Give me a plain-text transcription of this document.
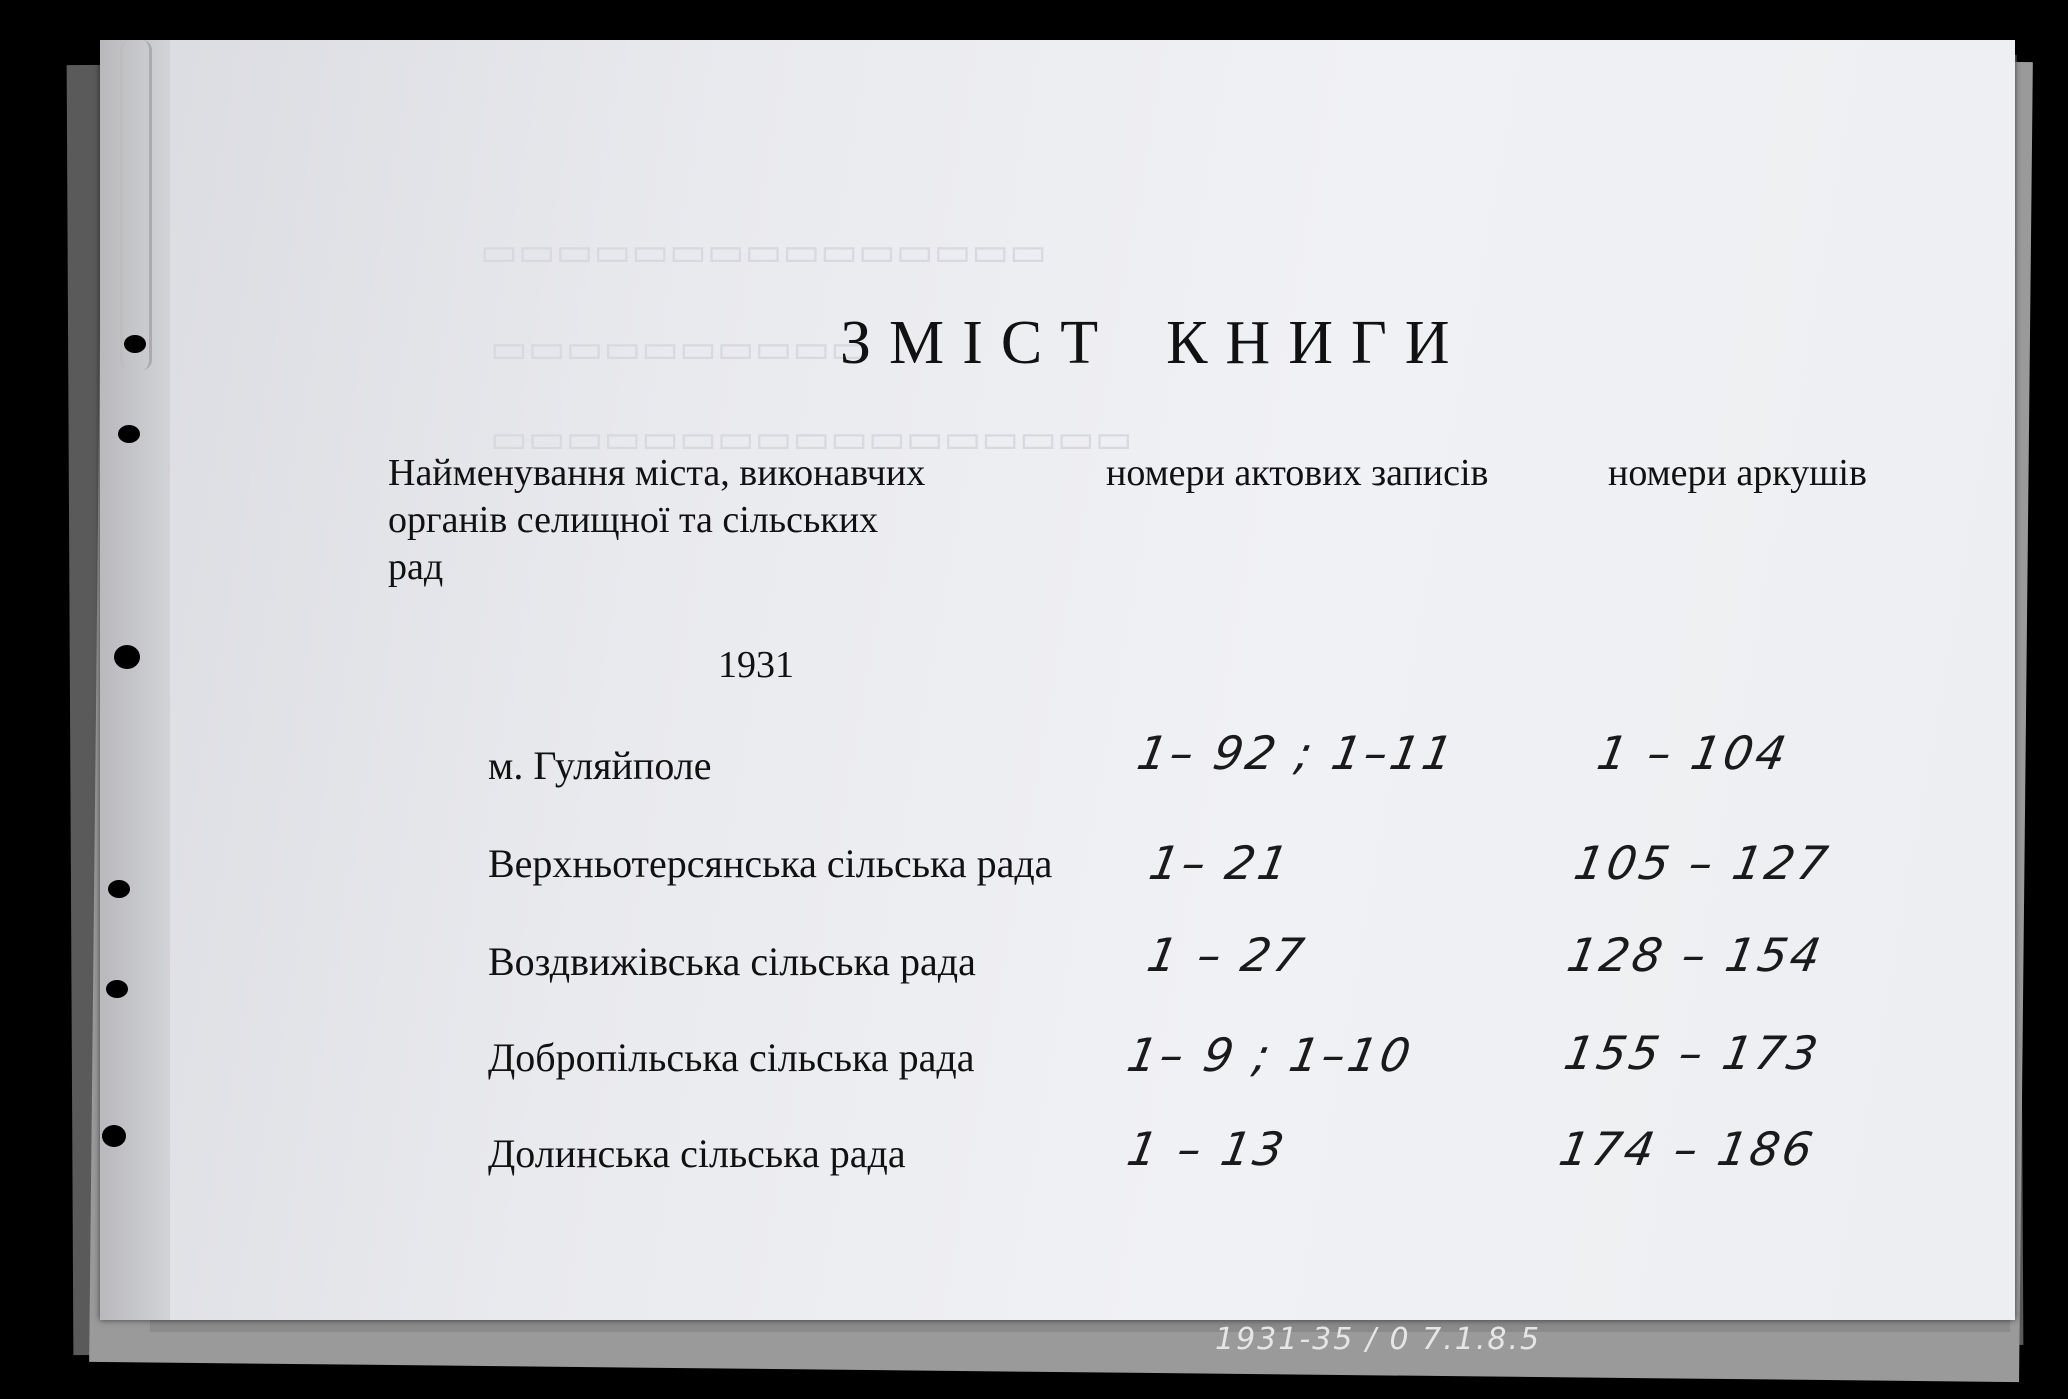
▭▭▭▭▭▭▭▭▭▭▭▭▭▭▭
▭▭▭▭▭▭▭▭▭▭
▭▭▭▭▭▭▭▭▭▭▭▭▭▭▭▭▭
ЗМІСТ КНИГИ
Найменування міста, виконавчих
органів селищної та сільських
рад
номери актових записів	номери аркушів
1931
м. Гуляйполе	1– 92 ; 1–11	1 – 104
Верхньотерсянська сільська рада 1– 21	105 – 127
Воздвижівська сільська рада	1 – 27	128 – 154
Добропільська сільська рада	1– 9 ; 1–10	155 – 173
Долинська сільська рада	1 – 13	174 – 186
1931-35 / 0 7.1.8.5
